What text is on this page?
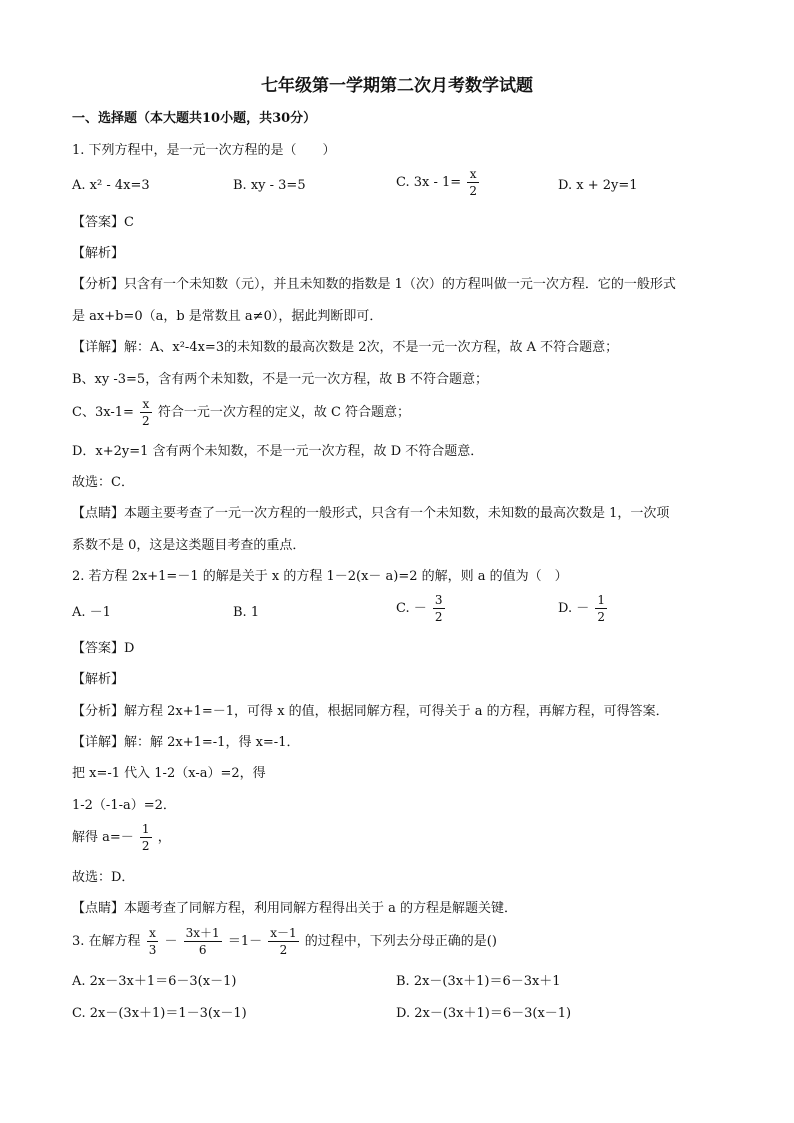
七年级第一学期第二次月考数学试题
一、选择题（本大题共10小题，共30分）
1. 下列方程中，是一元一次方程的是（　　）
A. x² - 4x=3	B. xy - 3=5	C. $3x - 1= \frac{x}{2}$	D. x + 2y=1
【答案】C
【解析】
【分析】只含有一个未知数（元），并且未知数的指数是 1（次）的方程叫做一元一次方程．它的一般形式
是 ax+b=0（a，b 是常数且 a≠0），据此判断即可．
【详解】解：A、x²-4x=3的未知数的最高次数是 2次，不是一元一次方程，故 A 不符合题意；
B、xy -3=5，含有两个未知数，不是一元一次方程，故 B 不符合题意；
C、$3x-1= \frac{x}{2}$ 符合一元一次方程的定义，故 C 符合题意；
D．x+2y=1 含有两个未知数，不是一元一次方程，故 D 不符合题意．
故选：C．
【点睛】本题主要考查了一元一次方程的一般形式，只含有一个未知数，未知数的最高次数是 1，一次项
系数不是 0，这是这类题目考查的重点．
2. 若方程 2x+1=－1 的解是关于 x 的方程 1－2(x－ a)=2 的解，则 a 的值为（　）
A. －1	B. 1	C. － $\frac{3}{2}$	D. － $\frac{1}{2}$
【答案】D
【解析】
【分析】解方程 2x+1=－1，可得 x 的值，根据同解方程，可得关于 a 的方程，再解方程，可得答案．
【详解】解：解 2x+1=-1，得 x=-1．
把 x=-1 代入 1-2（x-a）=2，得
1-2（-1-a）=2．
解得 $a=- \frac{1}{2}$ ，
故选：D．
【点睛】本题考查了同解方程，利用同解方程得出关于 a 的方程是解题关键．
3. 在解方程 $\frac{x}{3} - \frac{3x+1}{6} =1- \frac{x-1}{2}$ 的过程中，下列去分母正确的是()
A. 2x－3x＋1＝6－3(x－1)	B. 2x－(3x＋1)＝6－3x＋1
C. 2x－(3x＋1)＝1－3(x－1)	D. 2x－(3x＋1)＝6－3(x－1)
